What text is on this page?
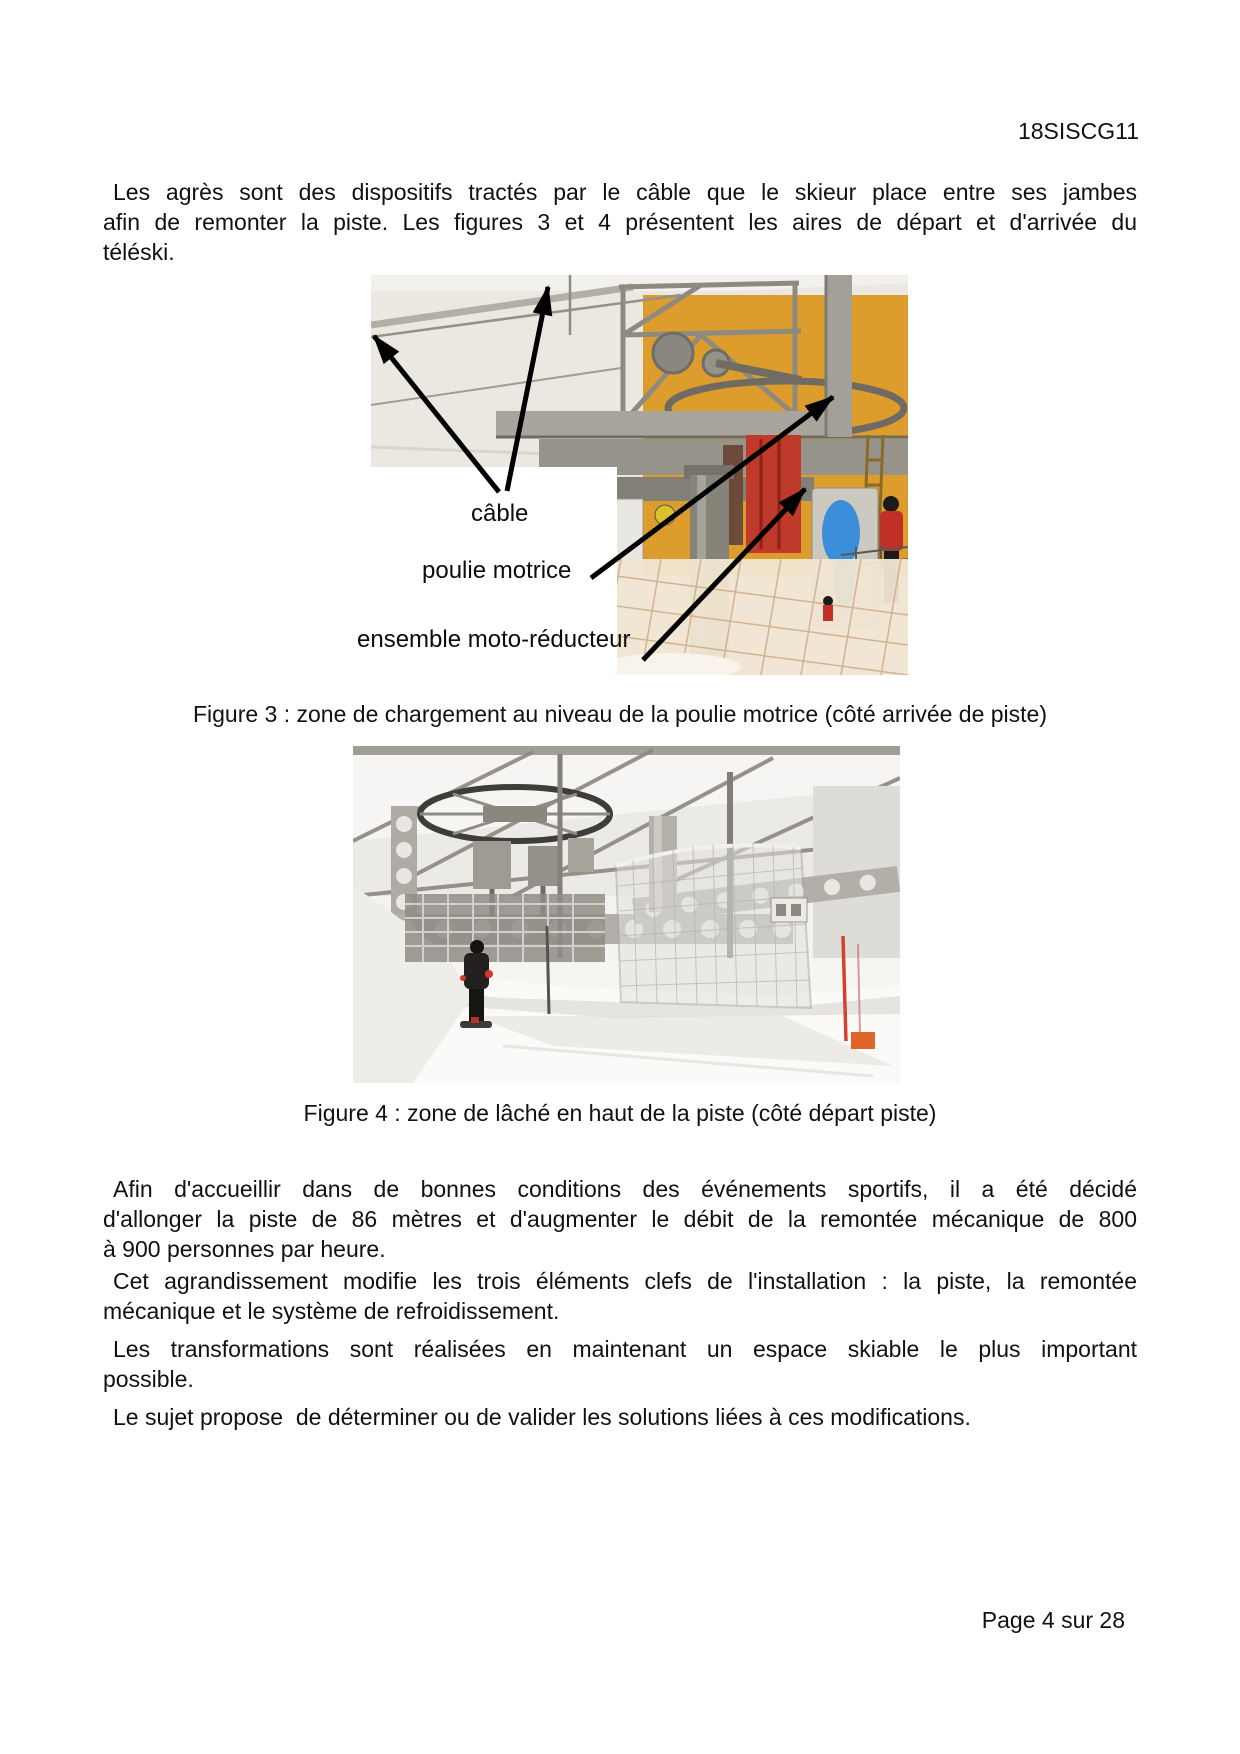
18SISCG11
Les agrès sont des dispositifs tractés par le câble que le skieur place entre ses jambes
afin de remonter la piste. Les figures 3 et 4 présentent les aires de départ et d'arrivée du
téléski.
câble
poulie motrice
ensemble moto-réducteur
Figure 3 : zone de chargement au niveau de la poulie motrice (côté arrivée de piste)
Figure 4 : zone de lâché en haut de la piste (côté départ piste)
Afin d'accueillir dans de bonnes conditions des événements sportifs, il a été décidé
d'allonger la piste de 86 mètres et d'augmenter le débit de la remontée mécanique de 800
à 900 personnes par heure.
Cet agrandissement modifie les trois éléments clefs de l'installation : la piste, la remontée
mécanique et le système de refroidissement.
Les transformations sont réalisées en maintenant un espace skiable le plus important
possible.
Le sujet propose  de déterminer ou de valider les solutions liées à ces modifications.
Page 4 sur 28
